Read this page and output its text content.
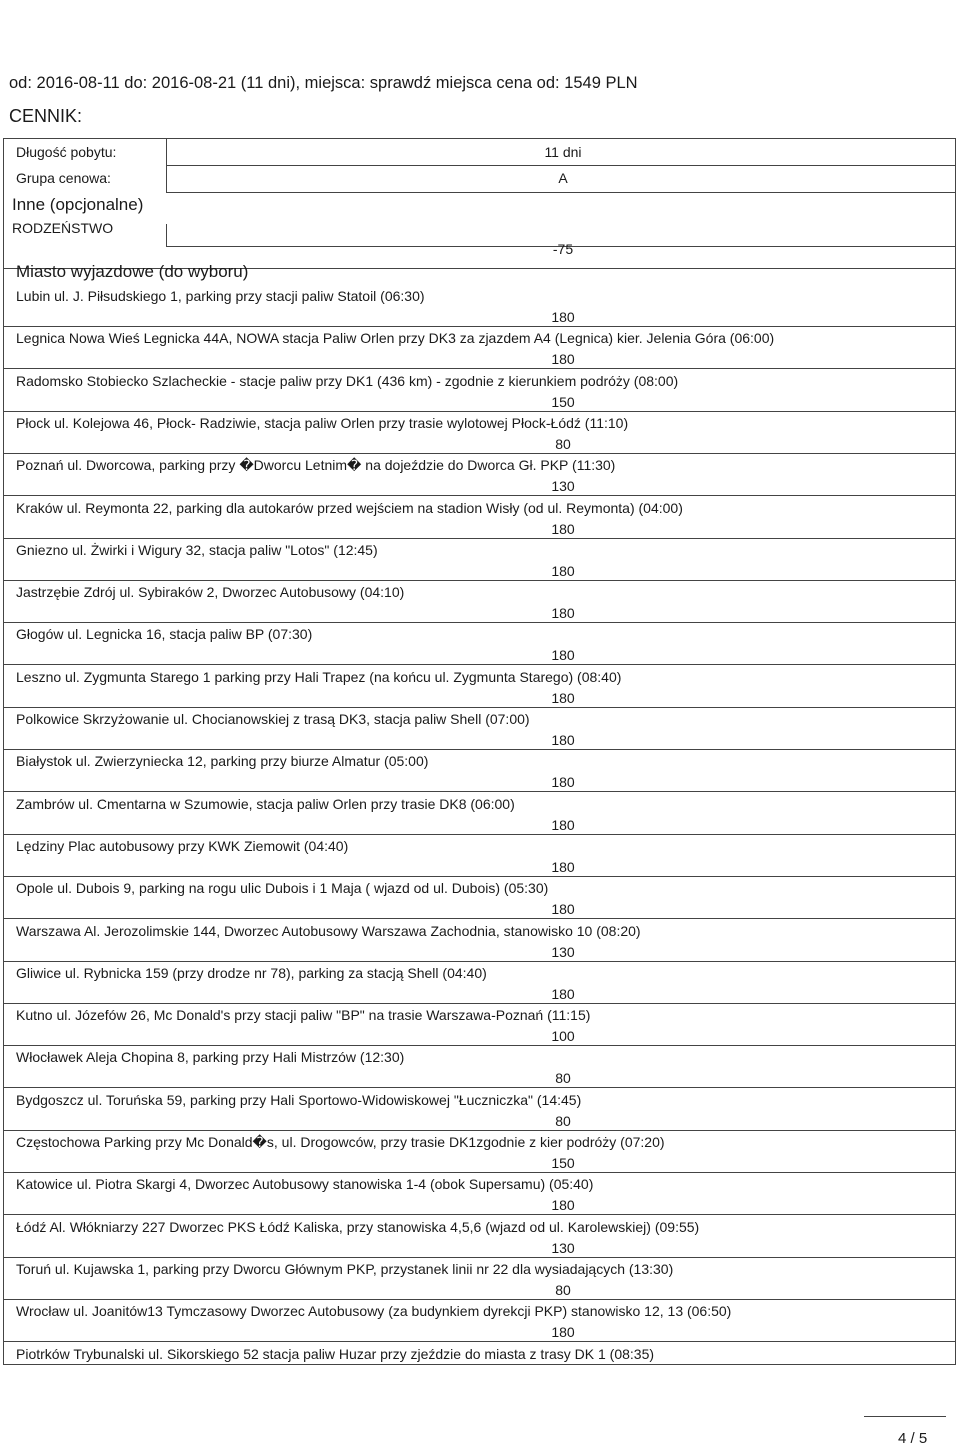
od: 2016-08-11 do: 2016-08-21 (11 dni), miejsca: sprawdź miejsca cena od: 1549 PLN
CENNIK:
Długość pobytu:	11 dni
Grupa cenowa:	A
Inne (opcjonalne)
RODZEŃSTWO
-75
Miasto wyjazdowe (do wyboru)
Lubin ul. J. Piłsudskiego 1, parking przy stacji paliw Statoil (06:30)
180
Legnica Nowa Wieś Legnicka 44A, NOWA stacja Paliw Orlen przy DK3 za zjazdem A4 (Legnica) kier. Jelenia Góra (06:00)
180
Radomsko Stobiecko Szlacheckie - stacje paliw przy DK1 (436 km) - zgodnie z kierunkiem podróży (08:00)
150
Płock ul. Kolejowa 46, Płock- Radziwie, stacja paliw Orlen przy trasie wylotowej Płock-Łódź (11:10)
80
Poznań ul. Dworcowa, parking przy �Dworcu Letnim� na dojeździe do Dworca Gł. PKP (11:30)
130
Kraków ul. Reymonta 22, parking dla autokarów przed wejściem na stadion Wisły (od ul. Reymonta) (04:00)
180
Gniezno ul. Żwirki i Wigury 32, stacja paliw "Lotos" (12:45)
180
Jastrzębie Zdrój ul. Sybiraków 2, Dworzec Autobusowy (04:10)
180
Głogów ul. Legnicka 16, stacja paliw BP (07:30)
180
Leszno ul. Zygmunta Starego 1 parking przy Hali Trapez (na końcu ul. Zygmunta Starego) (08:40)
180
Polkowice Skrzyżowanie ul. Chocianowskiej z trasą DK3, stacja paliw Shell (07:00)
180
Białystok ul. Zwierzyniecka 12, parking przy biurze Almatur (05:00)
180
Zambrów ul. Cmentarna w Szumowie, stacja paliw Orlen przy trasie DK8 (06:00)
180
Lędziny Plac autobusowy przy KWK Ziemowit (04:40)
180
Opole ul. Dubois 9, parking na rogu ulic Dubois i 1 Maja ( wjazd od ul. Dubois) (05:30)
180
Warszawa Al. Jerozolimskie 144, Dworzec Autobusowy Warszawa Zachodnia, stanowisko 10 (08:20)
130
Gliwice ul. Rybnicka 159 (przy drodze nr 78), parking za stacją Shell (04:40)
180
Kutno ul. Józefów 26, Mc Donald's przy stacji paliw "BP" na trasie Warszawa-Poznań (11:15)
100
Włocławek Aleja Chopina 8, parking przy Hali Mistrzów (12:30)
80
Bydgoszcz ul. Toruńska 59, parking przy Hali Sportowo-Widowiskowej "Łuczniczka" (14:45)
80
Częstochowa Parking przy Mc Donald�s, ul. Drogowców, przy trasie DK1zgodnie z kier podróży (07:20)
150
Katowice ul. Piotra Skargi 4, Dworzec Autobusowy stanowiska 1-4 (obok Supersamu) (05:40)
180
Łódź Al. Włókniarzy 227 Dworzec PKS Łódź Kaliska, przy stanowiska 4,5,6 (wjazd od ul. Karolewskiej) (09:55)
130
Toruń ul. Kujawska 1, parking przy Dworcu Głównym PKP, przystanek linii nr 22 dla wysiadających (13:30)
80
Wrocław ul. Joanitów13 Tymczasowy Dworzec Autobusowy (za budynkiem dyrekcji PKP) stanowisko 12, 13 (06:50)
180
Piotrków Trybunalski ul. Sikorskiego 52 stacja paliw Huzar przy zjeździe do miasta z trasy DK 1 (08:35)
4 / 5
